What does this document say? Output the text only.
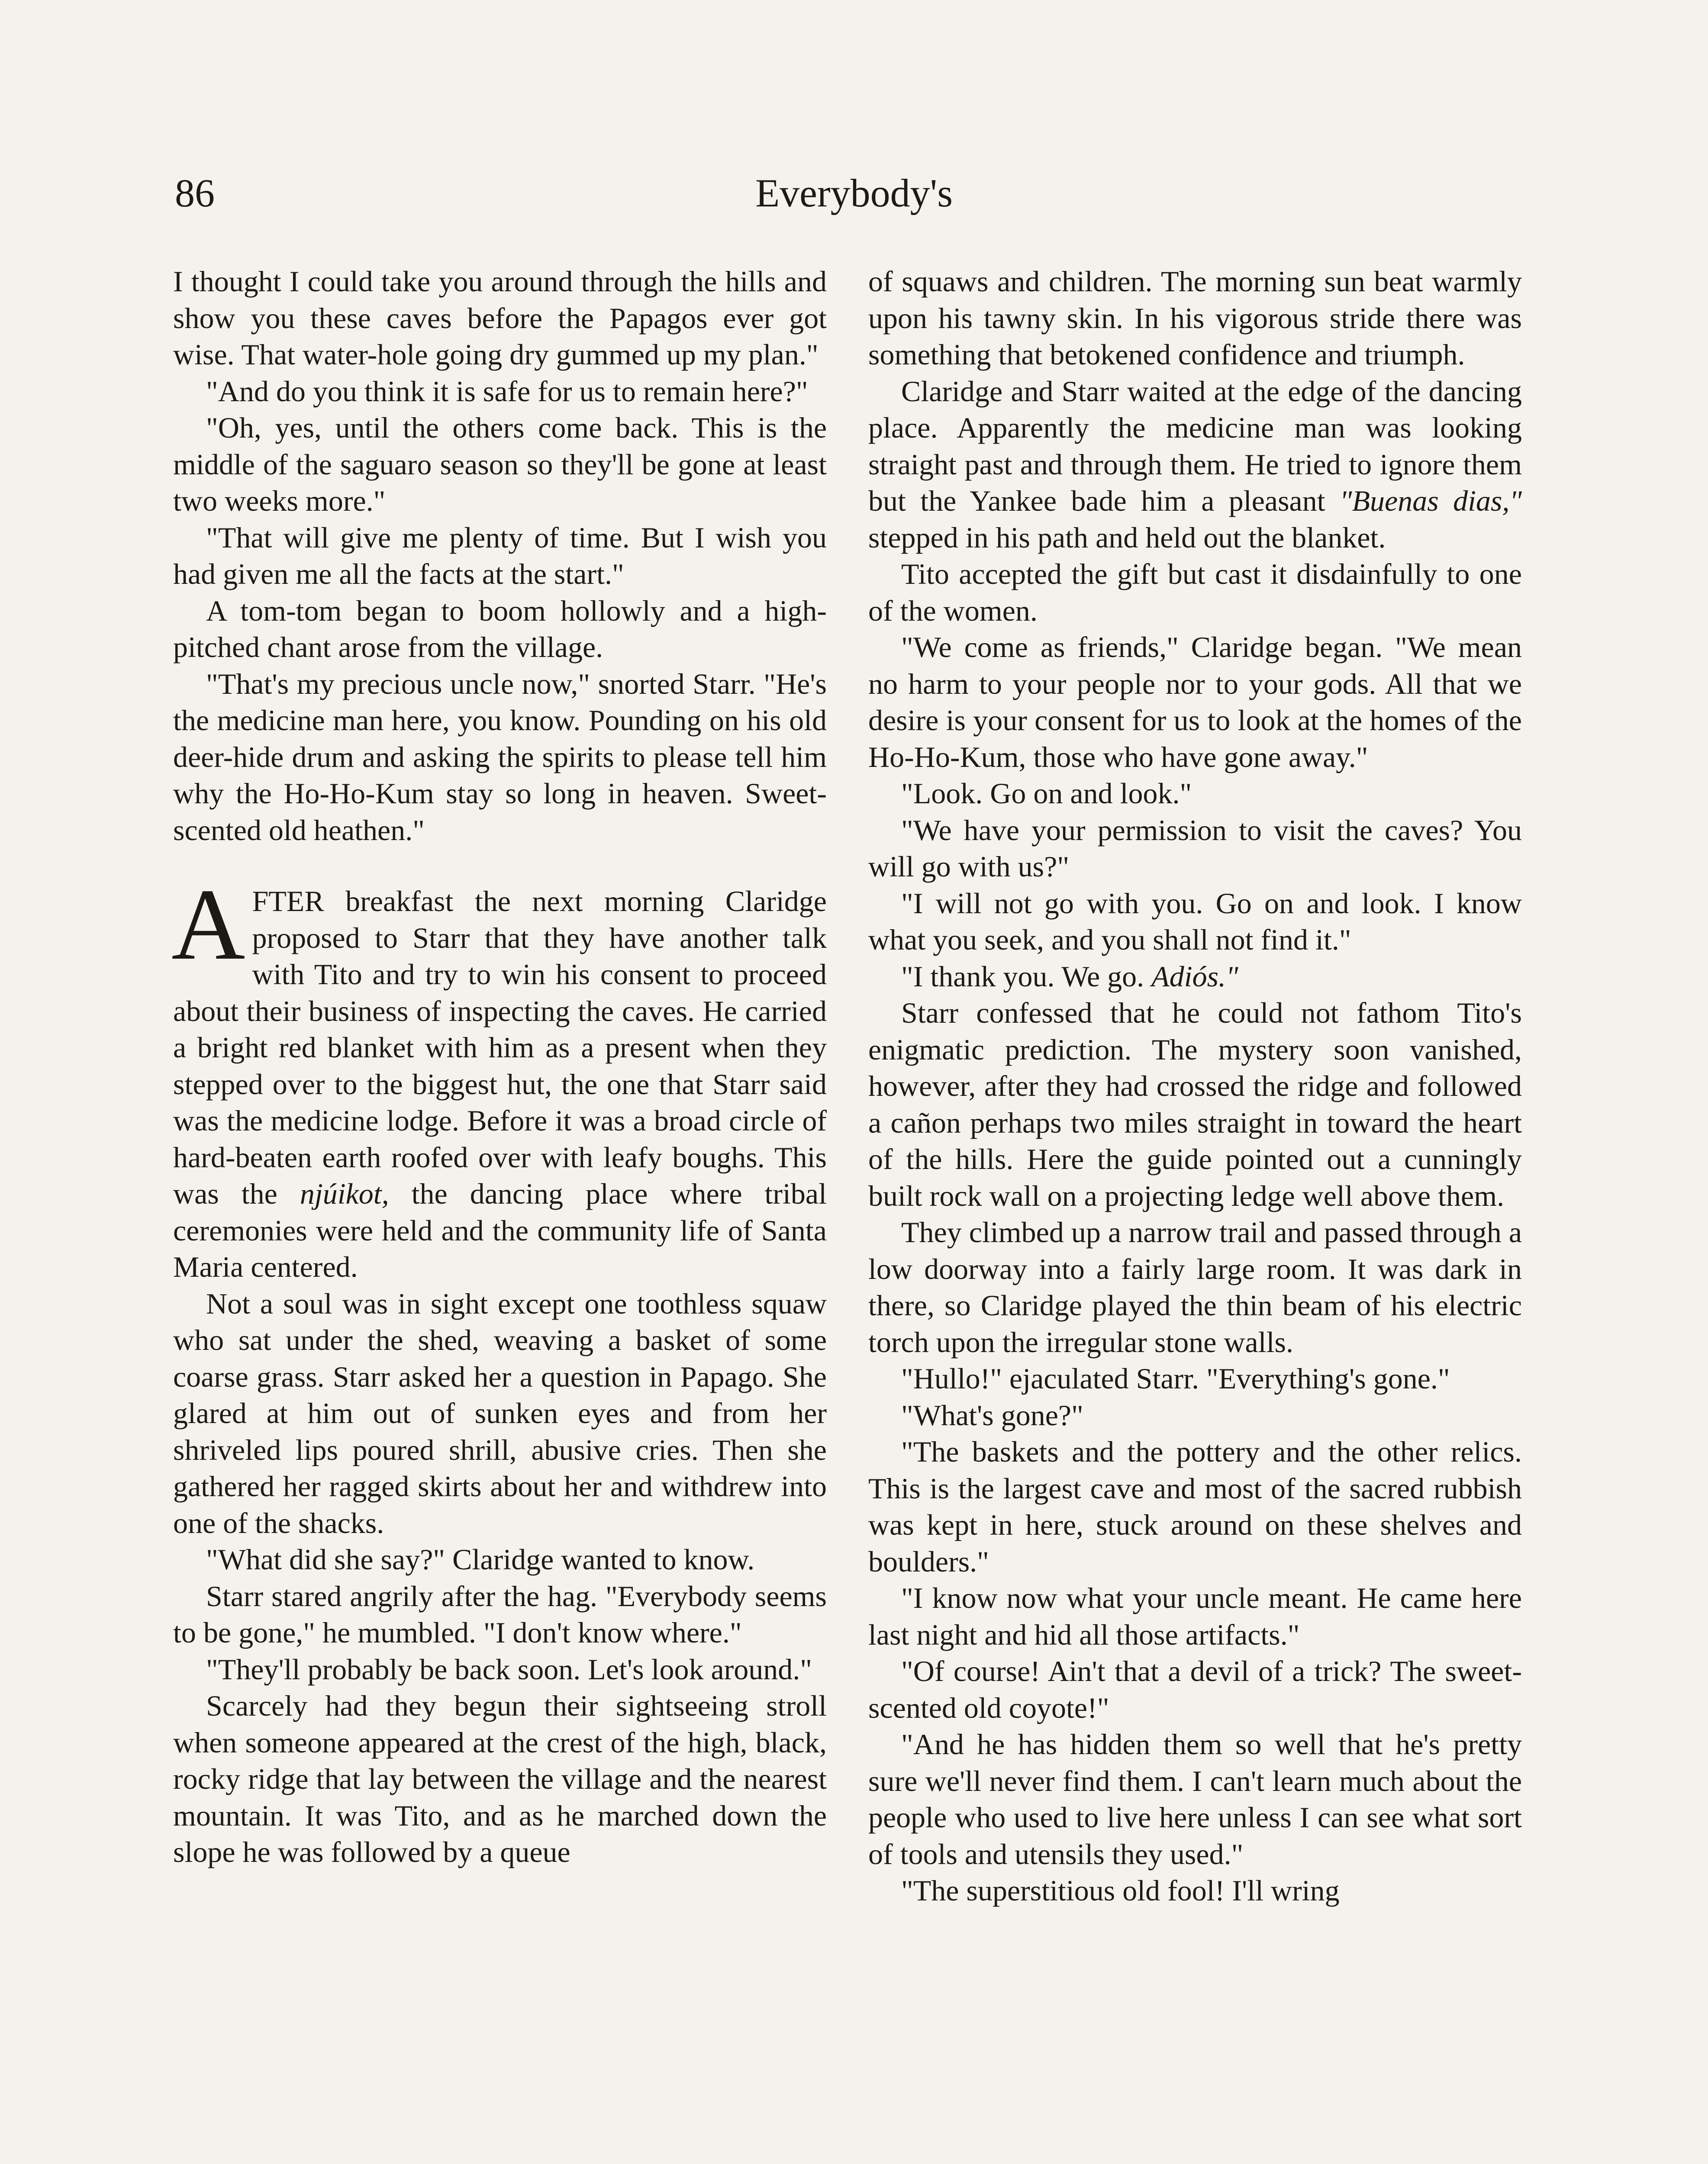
86	Everybody's

I thought I could take you around through the hills and show you these caves before the Papagos ever got wise. That water-hole going dry gummed up my plan."

"And do you think it is safe for us to remain here?"

"Oh, yes, until the others come back. This is the middle of the saguaro season so they'll be gone at least two weeks more."

"That will give me plenty of time. But I wish you had given me all the facts at the start."

A tom-tom began to boom hollowly and a high-pitched chant arose from the village.

"That's my precious uncle now," snorted Starr. "He's the medicine man here, you know. Pounding on his old deer-hide drum and asking the spirits to please tell him why the Ho-Ho-Kum stay so long in heaven. Sweet-scented old heathen."

AFTER breakfast the next morning Claridge proposed to Starr that they have another talk with Tito and try to win his consent to proceed about their business of inspecting the caves. He carried a bright red blanket with him as a present when they stepped over to the biggest hut, the one that Starr said was the medicine lodge. Before it was a broad circle of hard-beaten earth roofed over with leafy boughs. This was the njúikot, the dancing place where tribal ceremonies were held and the community life of Santa Maria centered.

Not a soul was in sight except one toothless squaw who sat under the shed, weaving a basket of some coarse grass. Starr asked her a question in Papago. She glared at him out of sunken eyes and from her shriveled lips poured shrill, abusive cries. Then she gathered her ragged skirts about her and withdrew into one of the shacks.

"What did she say?" Claridge wanted to know.

Starr stared angrily after the hag. "Everybody seems to be gone," he mumbled. "I don't know where."

"They'll probably be back soon. Let's look around."

Scarcely had they begun their sightseeing stroll when someone appeared at the crest of the high, black, rocky ridge that lay between the village and the nearest mountain. It was Tito, and as he marched down the slope he was followed by a queue

of squaws and children. The morning sun beat warmly upon his tawny skin. In his vigorous stride there was something that betokened confidence and triumph.

Claridge and Starr waited at the edge of the dancing place. Apparently the medicine man was looking straight past and through them. He tried to ignore them but the Yankee bade him a pleasant "Buenas dias," stepped in his path and held out the blanket.

Tito accepted the gift but cast it disdainfully to one of the women.

"We come as friends," Claridge began. "We mean no harm to your people nor to your gods. All that we desire is your consent for us to look at the homes of the Ho-Ho-Kum, those who have gone away."

"Look. Go on and look."

"We have your permission to visit the caves? You will go with us?"

"I will not go with you. Go on and look. I know what you seek, and you shall not find it."

"I thank you. We go. Adiós."

Starr confessed that he could not fathom Tito's enigmatic prediction. The mystery soon vanished, however, after they had crossed the ridge and followed a cañon perhaps two miles straight in toward the heart of the hills. Here the guide pointed out a cunningly built rock wall on a projecting ledge well above them.

They climbed up a narrow trail and passed through a low doorway into a fairly large room. It was dark in there, so Claridge played the thin beam of his electric torch upon the irregular stone walls.

"Hullo!" ejaculated Starr. "Everything's gone."

"What's gone?"

"The baskets and the pottery and the other relics. This is the largest cave and most of the sacred rubbish was kept in here, stuck around on these shelves and boulders."

"I know now what your uncle meant. He came here last night and hid all those artifacts."

"Of course! Ain't that a devil of a trick? The sweet-scented old coyote!"

"And he has hidden them so well that he's pretty sure we'll never find them. I can't learn much about the people who used to live here unless I can see what sort of tools and utensils they used."

"The superstitious old fool! I'll wring
